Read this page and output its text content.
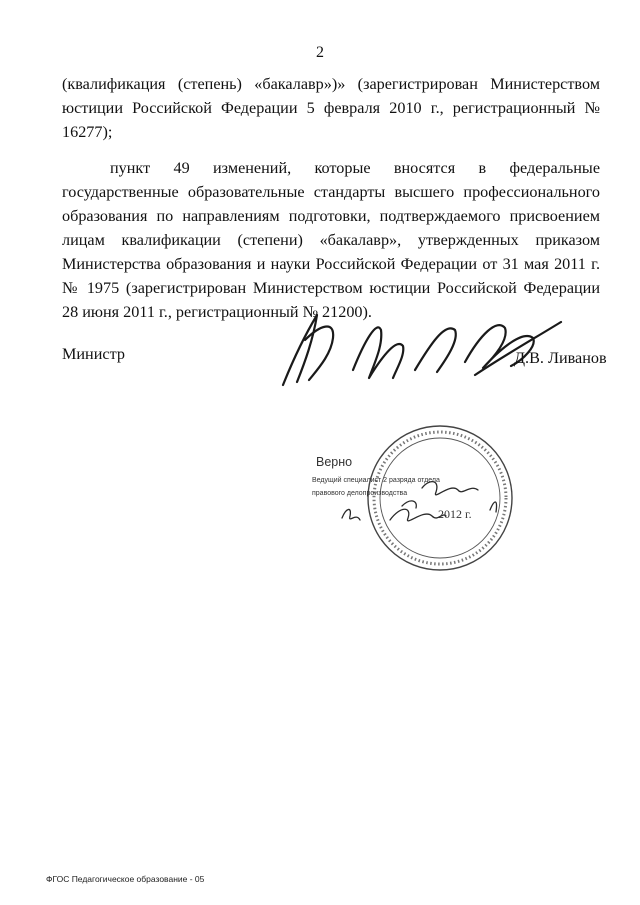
2

(квалификация (степень) «бакалавр»)» (зарегистрирован Министерством юстиции Российской Федерации 5 февраля 2010 г., регистрационный № 16277);

пункт 49 изменений, которые вносятся в федеральные государственные образовательные стандарты высшего профессионального образования по направлениям подготовки, подтверждаемого присвоением лицам квалификации (степени) «бакалавр», утвержденных приказом Министерства образования и науки Российской Федерации от 31 мая 2011 г. № 1975 (зарегистрирован Министерством юстиции Российской Федерации 28 июня 2011 г., регистрационный № 21200).

Министр	Д.В. Ливанов
Верно
Ведущий специалист 2 разряда отдела
правового делопроизводства
2012 г.
ФГОС Педагогическое образование - 05
